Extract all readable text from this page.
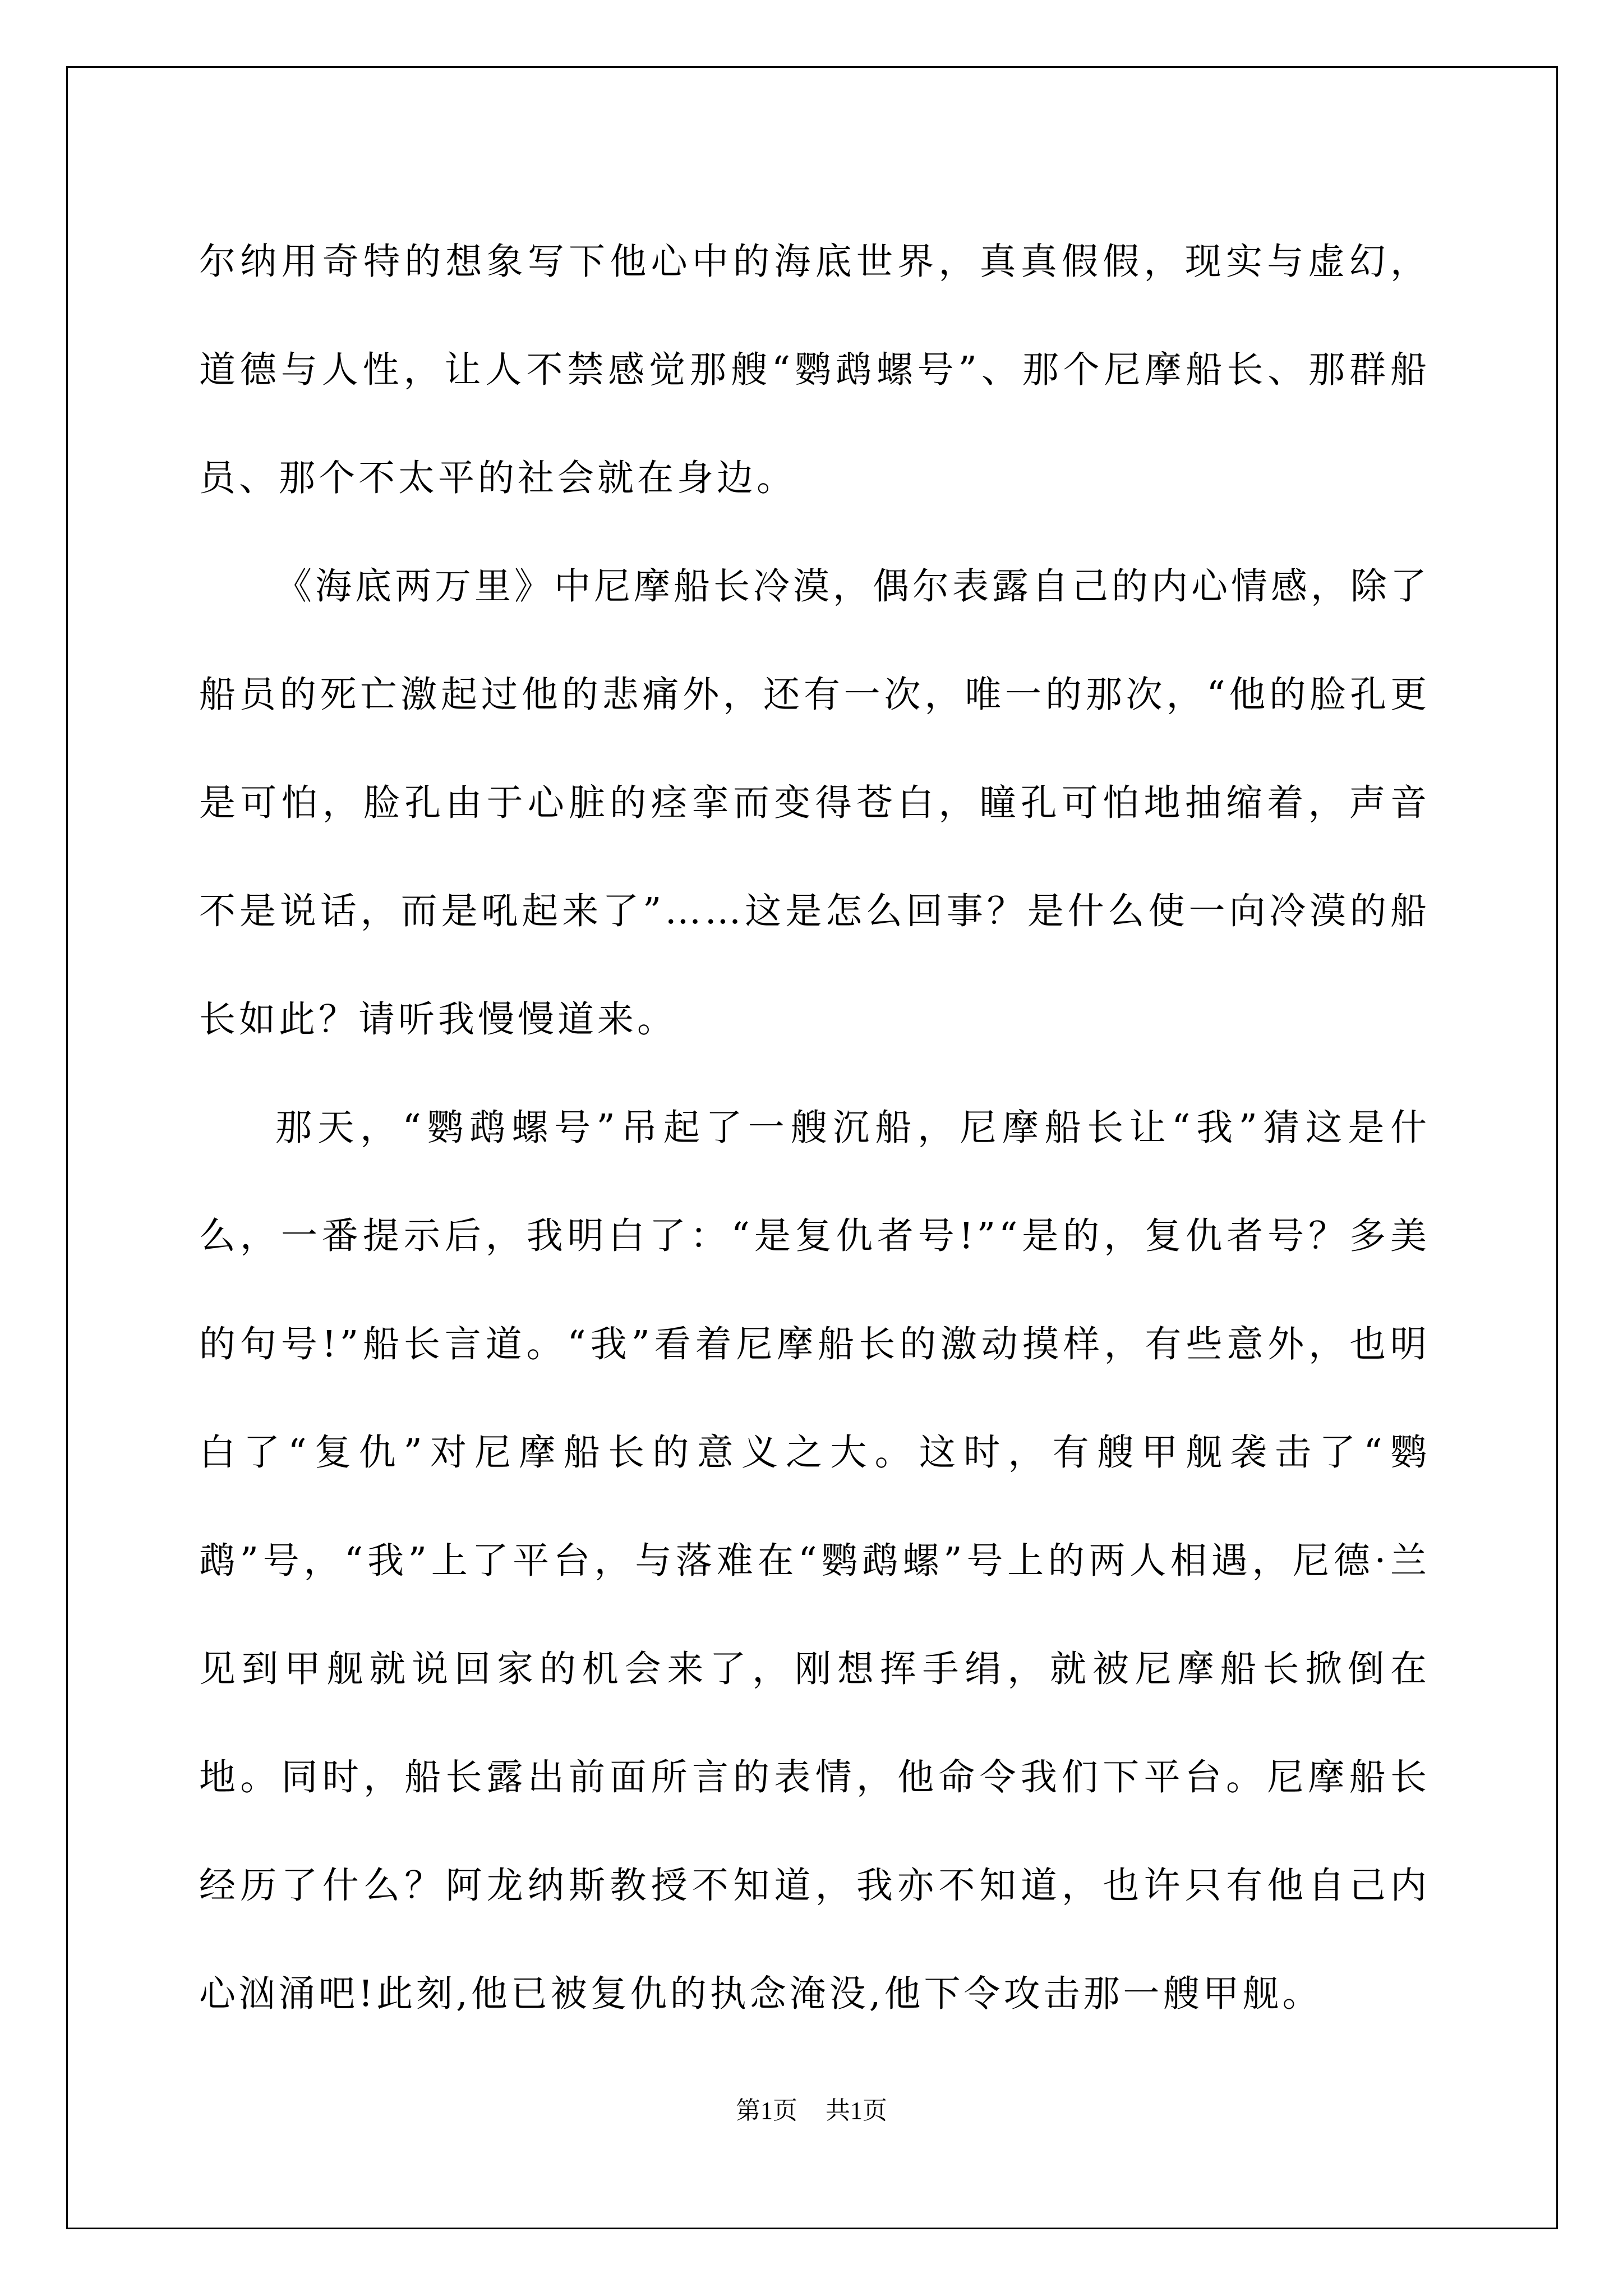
尔纳用奇特的想象写下他心中的海底世界，真真假假，现实与虚幻，道德与人性，让人不禁感觉那艘“鹦鹉螺号”、那个尼摩船长、那群船员、那个不太平的社会就在身边。

《海底两万里》中尼摩船长冷漠，偶尔表露自己的内心情感，除了船员的死亡激起过他的悲痛外，还有一次，唯一的那次，“他的脸孔更是可怕，脸孔由于心脏的痉挛而变得苍白，瞳孔可怕地抽缩着，声音不是说话，而是吼起来了”……这是怎么回事？是什么使一向冷漠的船长如此？请听我慢慢道来。

那天，“鹦鹉螺号”吊起了一艘沉船，尼摩船长让“我”猜这是什么，一番提示后，我明白了：“是复仇者号!”“是的，复仇者号？多美的句号!”船长言道。“我”看着尼摩船长的激动摸样，有些意外，也明白了“复仇”对尼摩船长的意义之大。这时，有艘甲舰袭击了“鹦鹉”号，“我”上了平台，与落难在“鹦鹉螺”号上的两人相遇，尼德·兰见到甲舰就说回家的机会来了，刚想挥手绢，就被尼摩船长掀倒在地。同时，船长露出前面所言的表情，他命令我们下平台。尼摩船长经历了什么？阿龙纳斯教授不知道，我亦不知道，也许只有他自己内心汹涌吧!此刻,他已被复仇的执念淹没,他下令攻击那一艘甲舰。

第1页 共1页
